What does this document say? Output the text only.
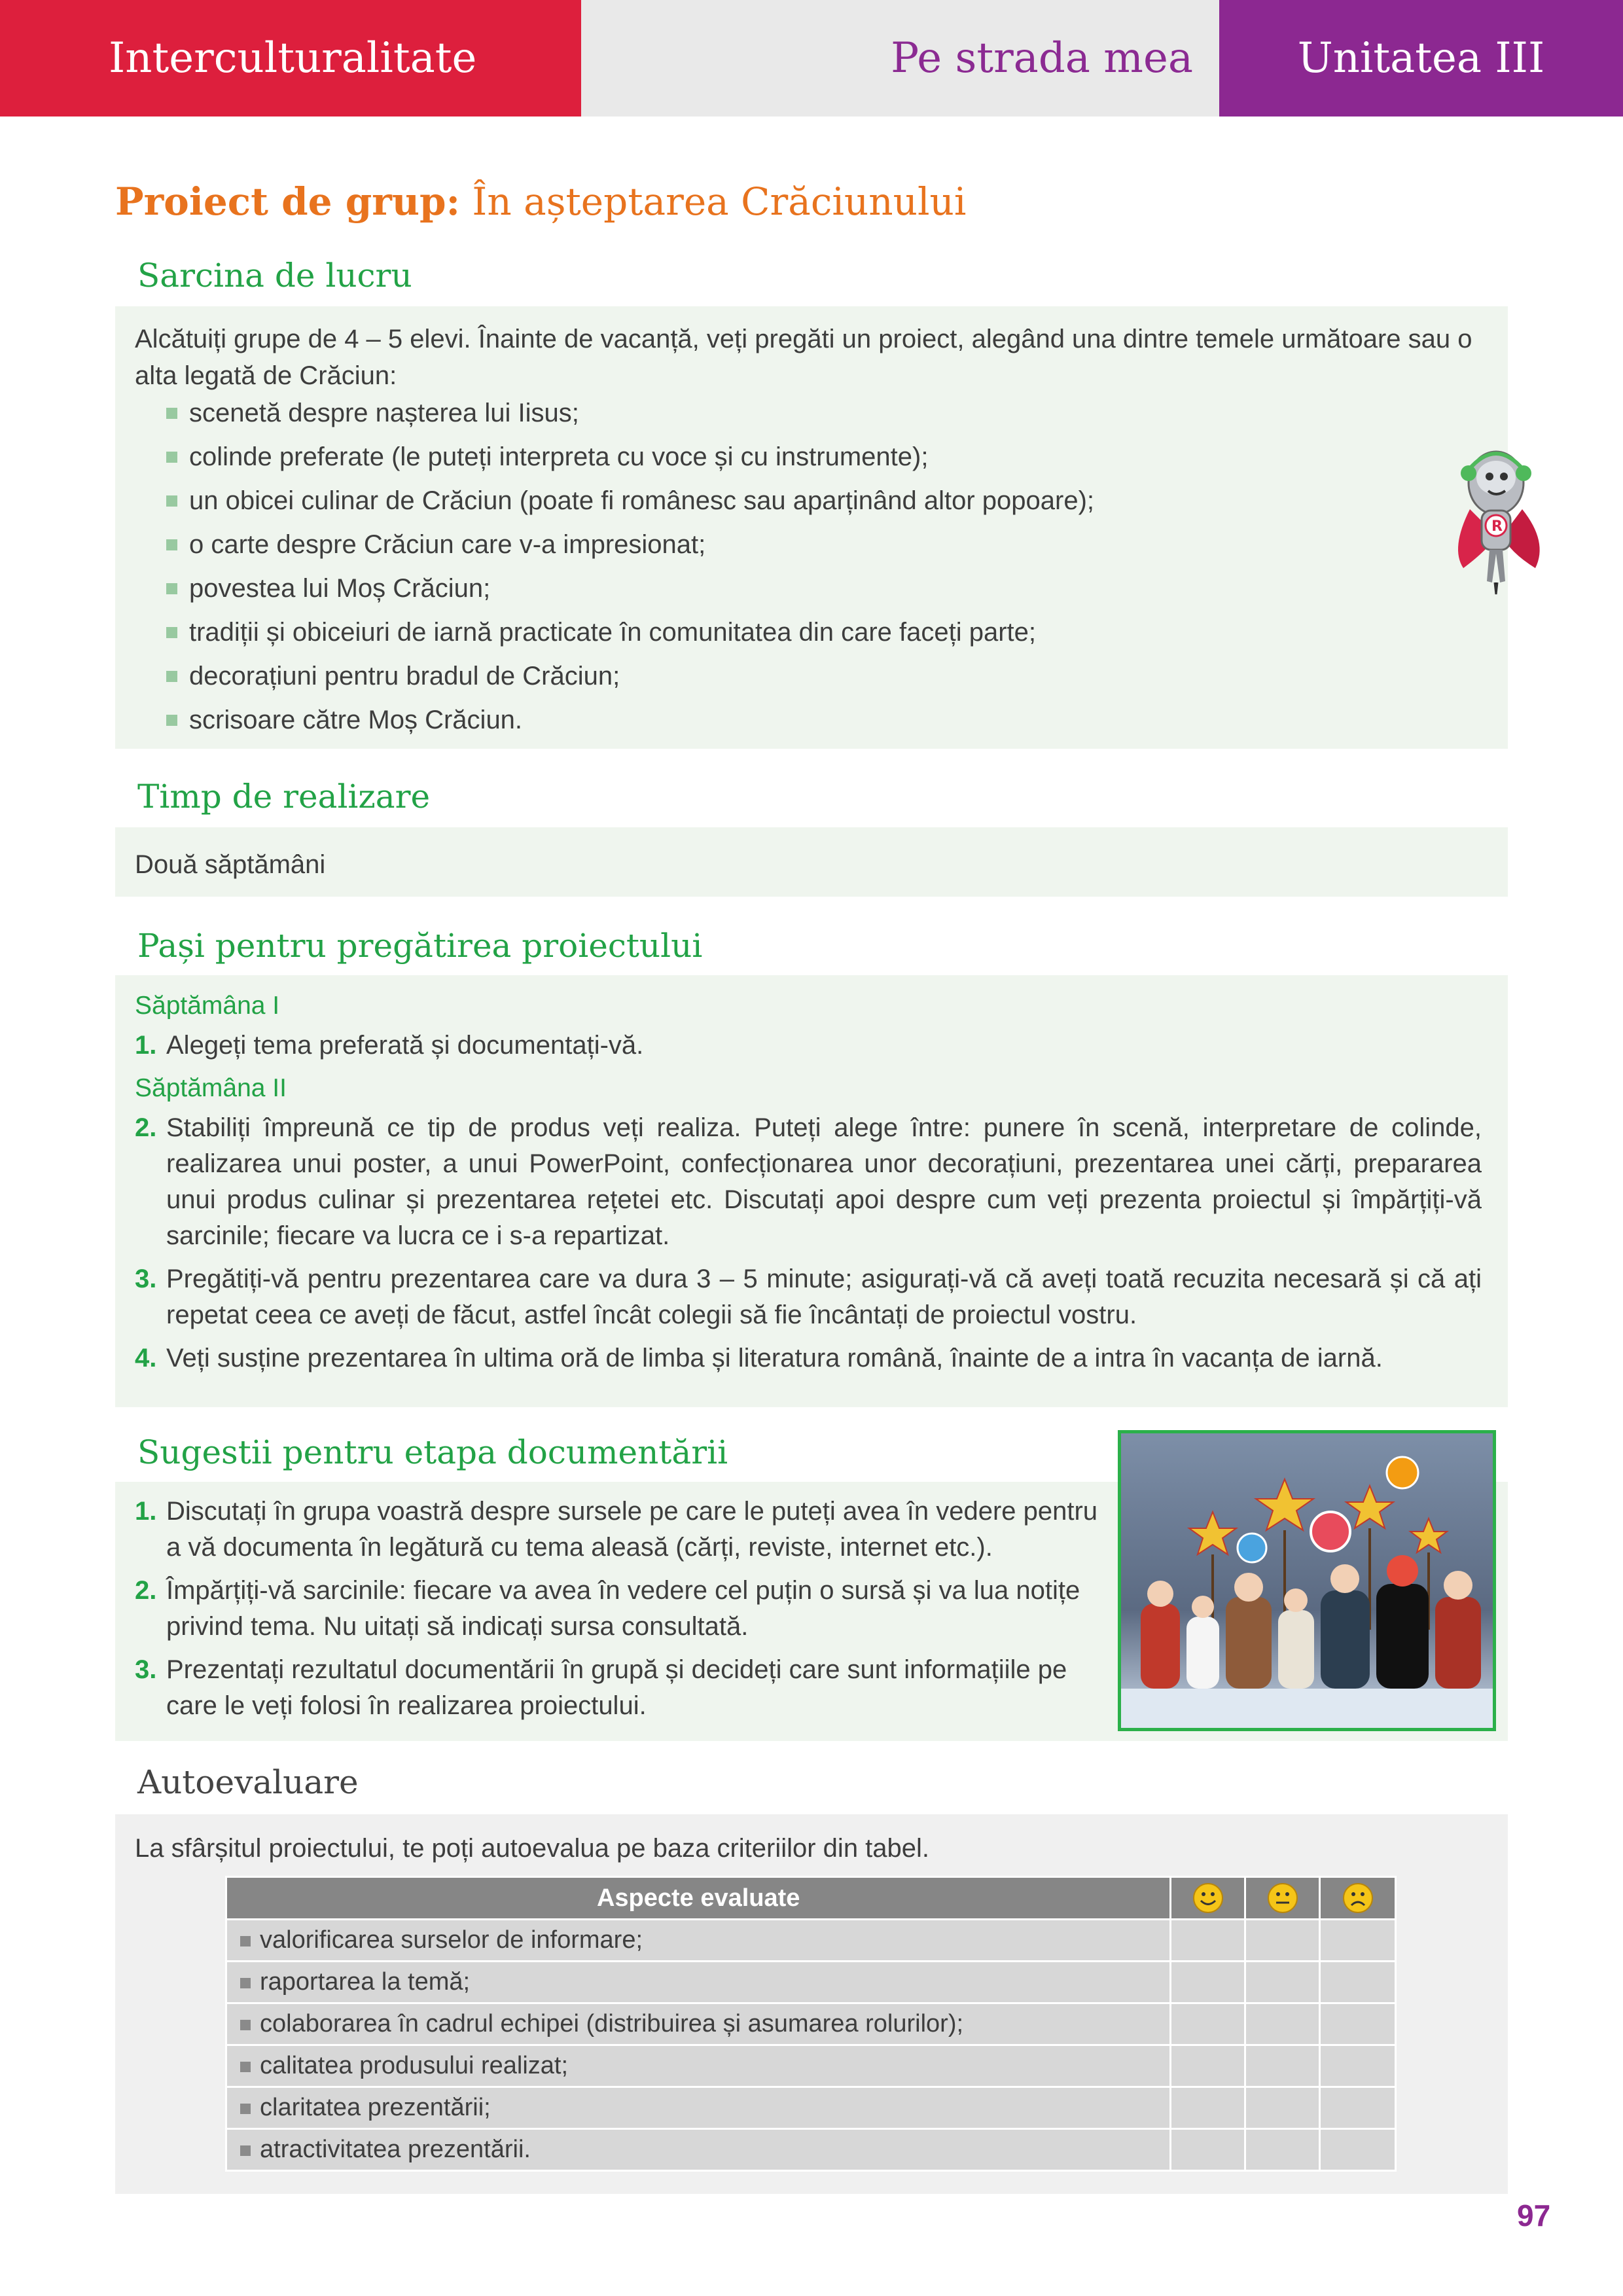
Interculturalitate	Pe strada mea Unitatea III
Proiect de grup: În așteptarea Crăciunului
Sarcina de lucru
Alcătuiți grupe de 4 – 5 elevi. Înainte de vacanță, veți pregăti un proiect, alegând una dintre temele următoare sau o alta legată de Crăciun:
scenetă despre nașterea lui Iisus;
colinde preferate (le puteți interpreta cu voce și cu instrumente);
un obicei culinar de Crăciun (poate fi românesc sau aparținând altor popoare);
o carte despre Crăciun care v-a impresionat;
povestea lui Moș Crăciun;
tradiții și obiceiuri de iarnă practicate în comunitatea din care faceți parte;
decorațiuni pentru bradul de Crăciun;
scrisoare către Moș Crăciun.
R
Timp de realizare
Două săptămâni
Pași pentru pregătirea proiectului
Săptămâna I
1. Alegeți tema preferată și documentați-vă.
Săptămâna II
2. Stabiliți împreună ce tip de produs veți realiza. Puteți alege între: punere în scenă, interpretare de colinde, realizarea unui poster, a unui PowerPoint, confecționarea unor decorațiuni, prezentarea unei cărți, prepararea unui produs culinar și prezentarea rețetei etc. Discutați apoi despre cum veți prezenta proiectul și împărțiți-vă sarcinile; fiecare va lucra ce i s-a repartizat.
3. Pregătiți-vă pentru prezentarea care va dura 3 – 5 minute; asigurați-vă că aveți toată recuzita necesară și că ați repetat ceea ce aveți de făcut, astfel încât colegii să fie încântați de proiectul vostru.
4. Veți susține prezentarea în ultima oră de limba și literatura română, înainte de a intra în vacanța de iarnă.
Sugestii pentru etapa documentării
1. Discutați în grupa voastră despre sursele pe care le puteți avea în vedere pentru a vă documenta în legătură cu tema aleasă (cărți, reviste, internet etc.).
2. Împărțiți-vă sarcinile: fiecare va avea în vedere cel puțin o sursă și va lua notițe privind tema. Nu uitați să indicați sursa consultată.
3. Prezentați rezultatul documentării în grupă și decideți care sunt informațiile pe care le veți folosi în realizarea proiectului.
Autoevaluare
La sfârșitul proiectului, te poți autoevalua pe baza criteriilor din tabel.
Aspecte evaluate			
valorificarea surselor de informare;			
raportarea la temă;			
colaborarea în cadrul echipei (distribuirea și asumarea rolurilor);			
calitatea produsului realizat;			
claritatea prezentării;			
atractivitatea prezentării.			
97
